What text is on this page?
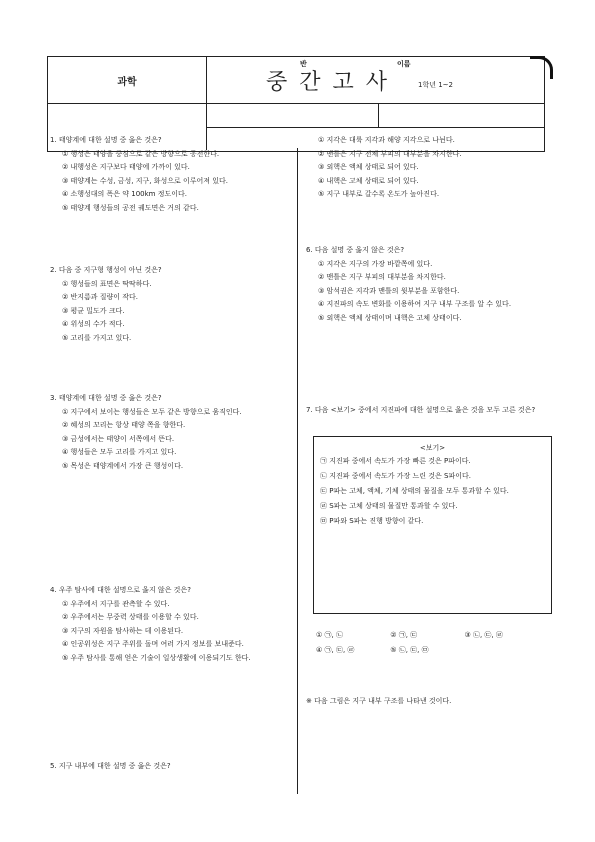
과학	중간고사	1학년 1~2
반	이름
1. 태양계에 대한 설명 중 옳은 것은?
① 행성은 태양을 중심으로 같은 방향으로 공전한다.
② 내행성은 지구보다 태양에 가까이 있다.
③ 태양계는 수성, 금성, 지구, 화성으로 이루어져 있다.
④ 소행성대의 폭은 약 100km 정도이다.
⑤ 태양계 행성들의 공전 궤도면은 거의 같다.
2. 다음 중 지구형 행성이 아닌 것은?
① 행성들의 표면은 딱딱하다.
② 반지름과 질량이 작다.
③ 평균 밀도가 크다.
④ 위성의 수가 적다.
⑤ 고리를 가지고 있다.
3. 태양계에 대한 설명 중 옳은 것은?
① 지구에서 보이는 행성들은 모두 같은 방향으로 움직인다.
② 혜성의 꼬리는 항상 태양 쪽을 향한다.
③ 금성에서는 태양이 서쪽에서 뜬다.
④ 행성들은 모두 고리를 가지고 있다.
⑤ 목성은 태양계에서 가장 큰 행성이다.
4. 우주 탐사에 대한 설명으로 옳지 않은 것은?
① 우주에서 지구를 관측할 수 있다.
② 우주에서는 무중력 상태를 이용할 수 있다.
③ 지구의 자원을 탐사하는 데 이용된다.
④ 인공위성은 지구 주위를 돌며 여러 가지 정보를 보내준다.
⑤ 우주 탐사를 통해 얻은 기술이 일상생활에 이용되기도 한다.
5. 지구 내부에 대한 설명 중 옳은 것은?
① 지각은 대륙 지각과 해양 지각으로 나뉜다.
② 맨틀은 지구 전체 부피의 대부분을 차지한다.
③ 외핵은 액체 상태로 되어 있다.
④ 내핵은 고체 상태로 되어 있다.
⑤ 지구 내부로 갈수록 온도가 높아진다.
6. 다음 설명 중 옳지 않은 것은?
① 지각은 지구의 가장 바깥쪽에 있다.
② 맨틀은 지구 부피의 대부분을 차지한다.
③ 암석권은 지각과 맨틀의 윗부분을 포함한다.
④ 지진파의 속도 변화를 이용하여 지구 내부 구조를 알 수 있다.
⑤ 외핵은 액체 상태이며 내핵은 고체 상태이다.
7. 다음 <보기> 중에서 지진파에 대한 설명으로 옳은 것을 모두 고른 것은?
<보기>
㉠ 지진파 중에서 속도가 가장 빠른 것은 P파이다.
㉡ 지진파 중에서 속도가 가장 느린 것은 S파이다.
㉢ P파는 고체, 액체, 기체 상태의 물질을 모두 통과할 수 있다.
㉣ S파는 고체 상태의 물질만 통과할 수 있다.
㉤ P파와 S파는 진행 방향이 같다.
① ㉠, ㉡	② ㉠, ㉢	③ ㉡, ㉢, ㉣
④ ㉠, ㉢, ㉣	⑤ ㉡, ㉢, ㉤
※ 다음 그림은 지구 내부 구조를 나타낸 것이다.
